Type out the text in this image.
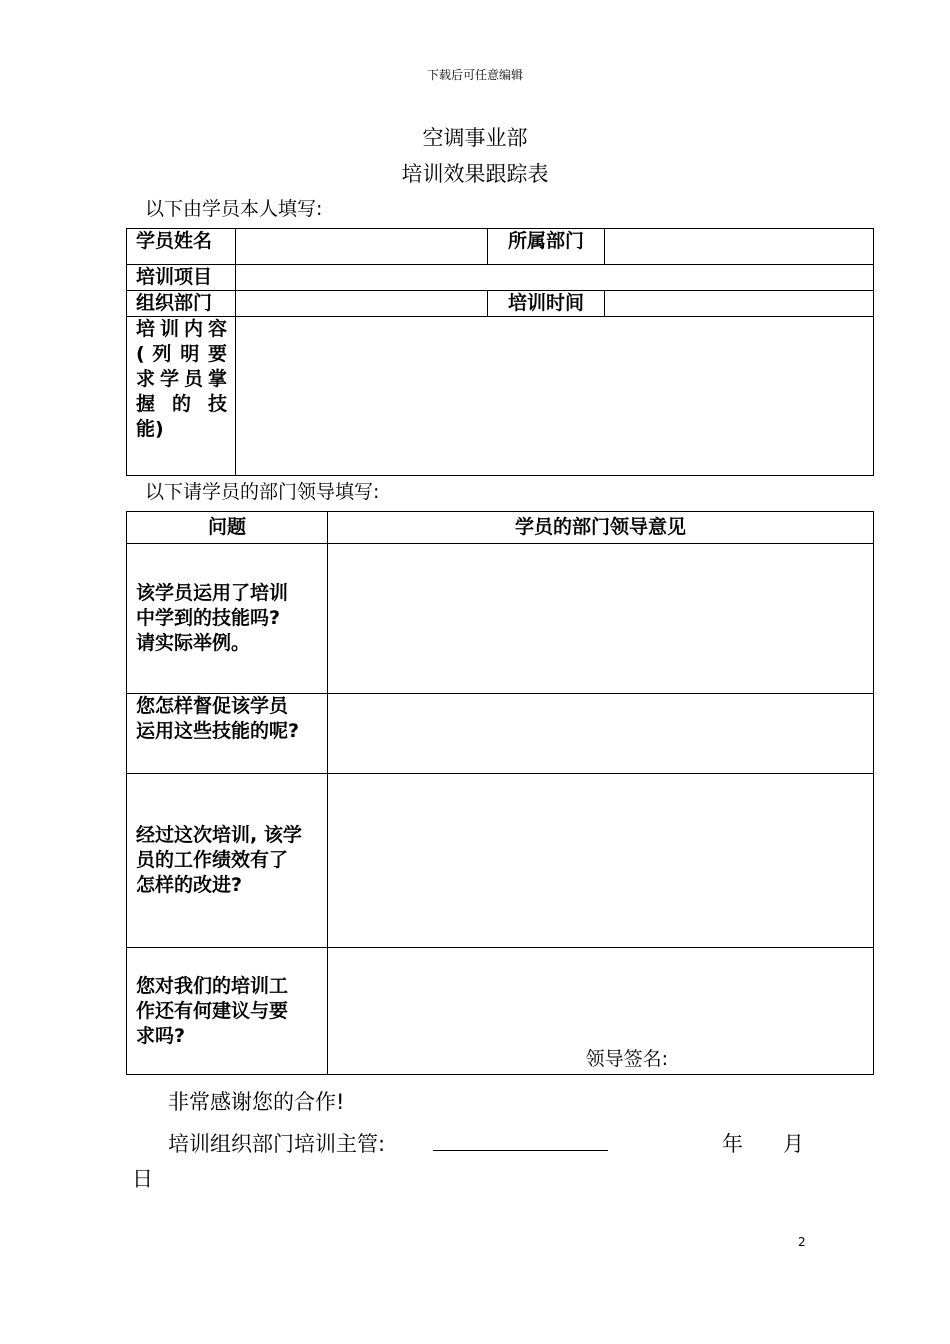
下载后可任意编辑
空调事业部
培训效果跟踪表
以下由学员本人填写:
学员姓名		所属部门	
培训项目			
组织部门		培训时间	

培训内容
( 列 明 要
求学员掌
握 的 技
能)			

以下请学员的部门领导填写:
问题	学员的部门领导意见

该学员运用了培训
中学到的技能吗?
请实际举例。	

您怎样督促该学员
运用这些技能的呢?	

经过这次培训, 该学
员的工作绩效有了
怎样的改进?	

您对我们的培训工
作还有何建议与要
求吗?	领导签名:
非常感谢您的合作!
培训组织部门培训主管:	年 月
日
2
